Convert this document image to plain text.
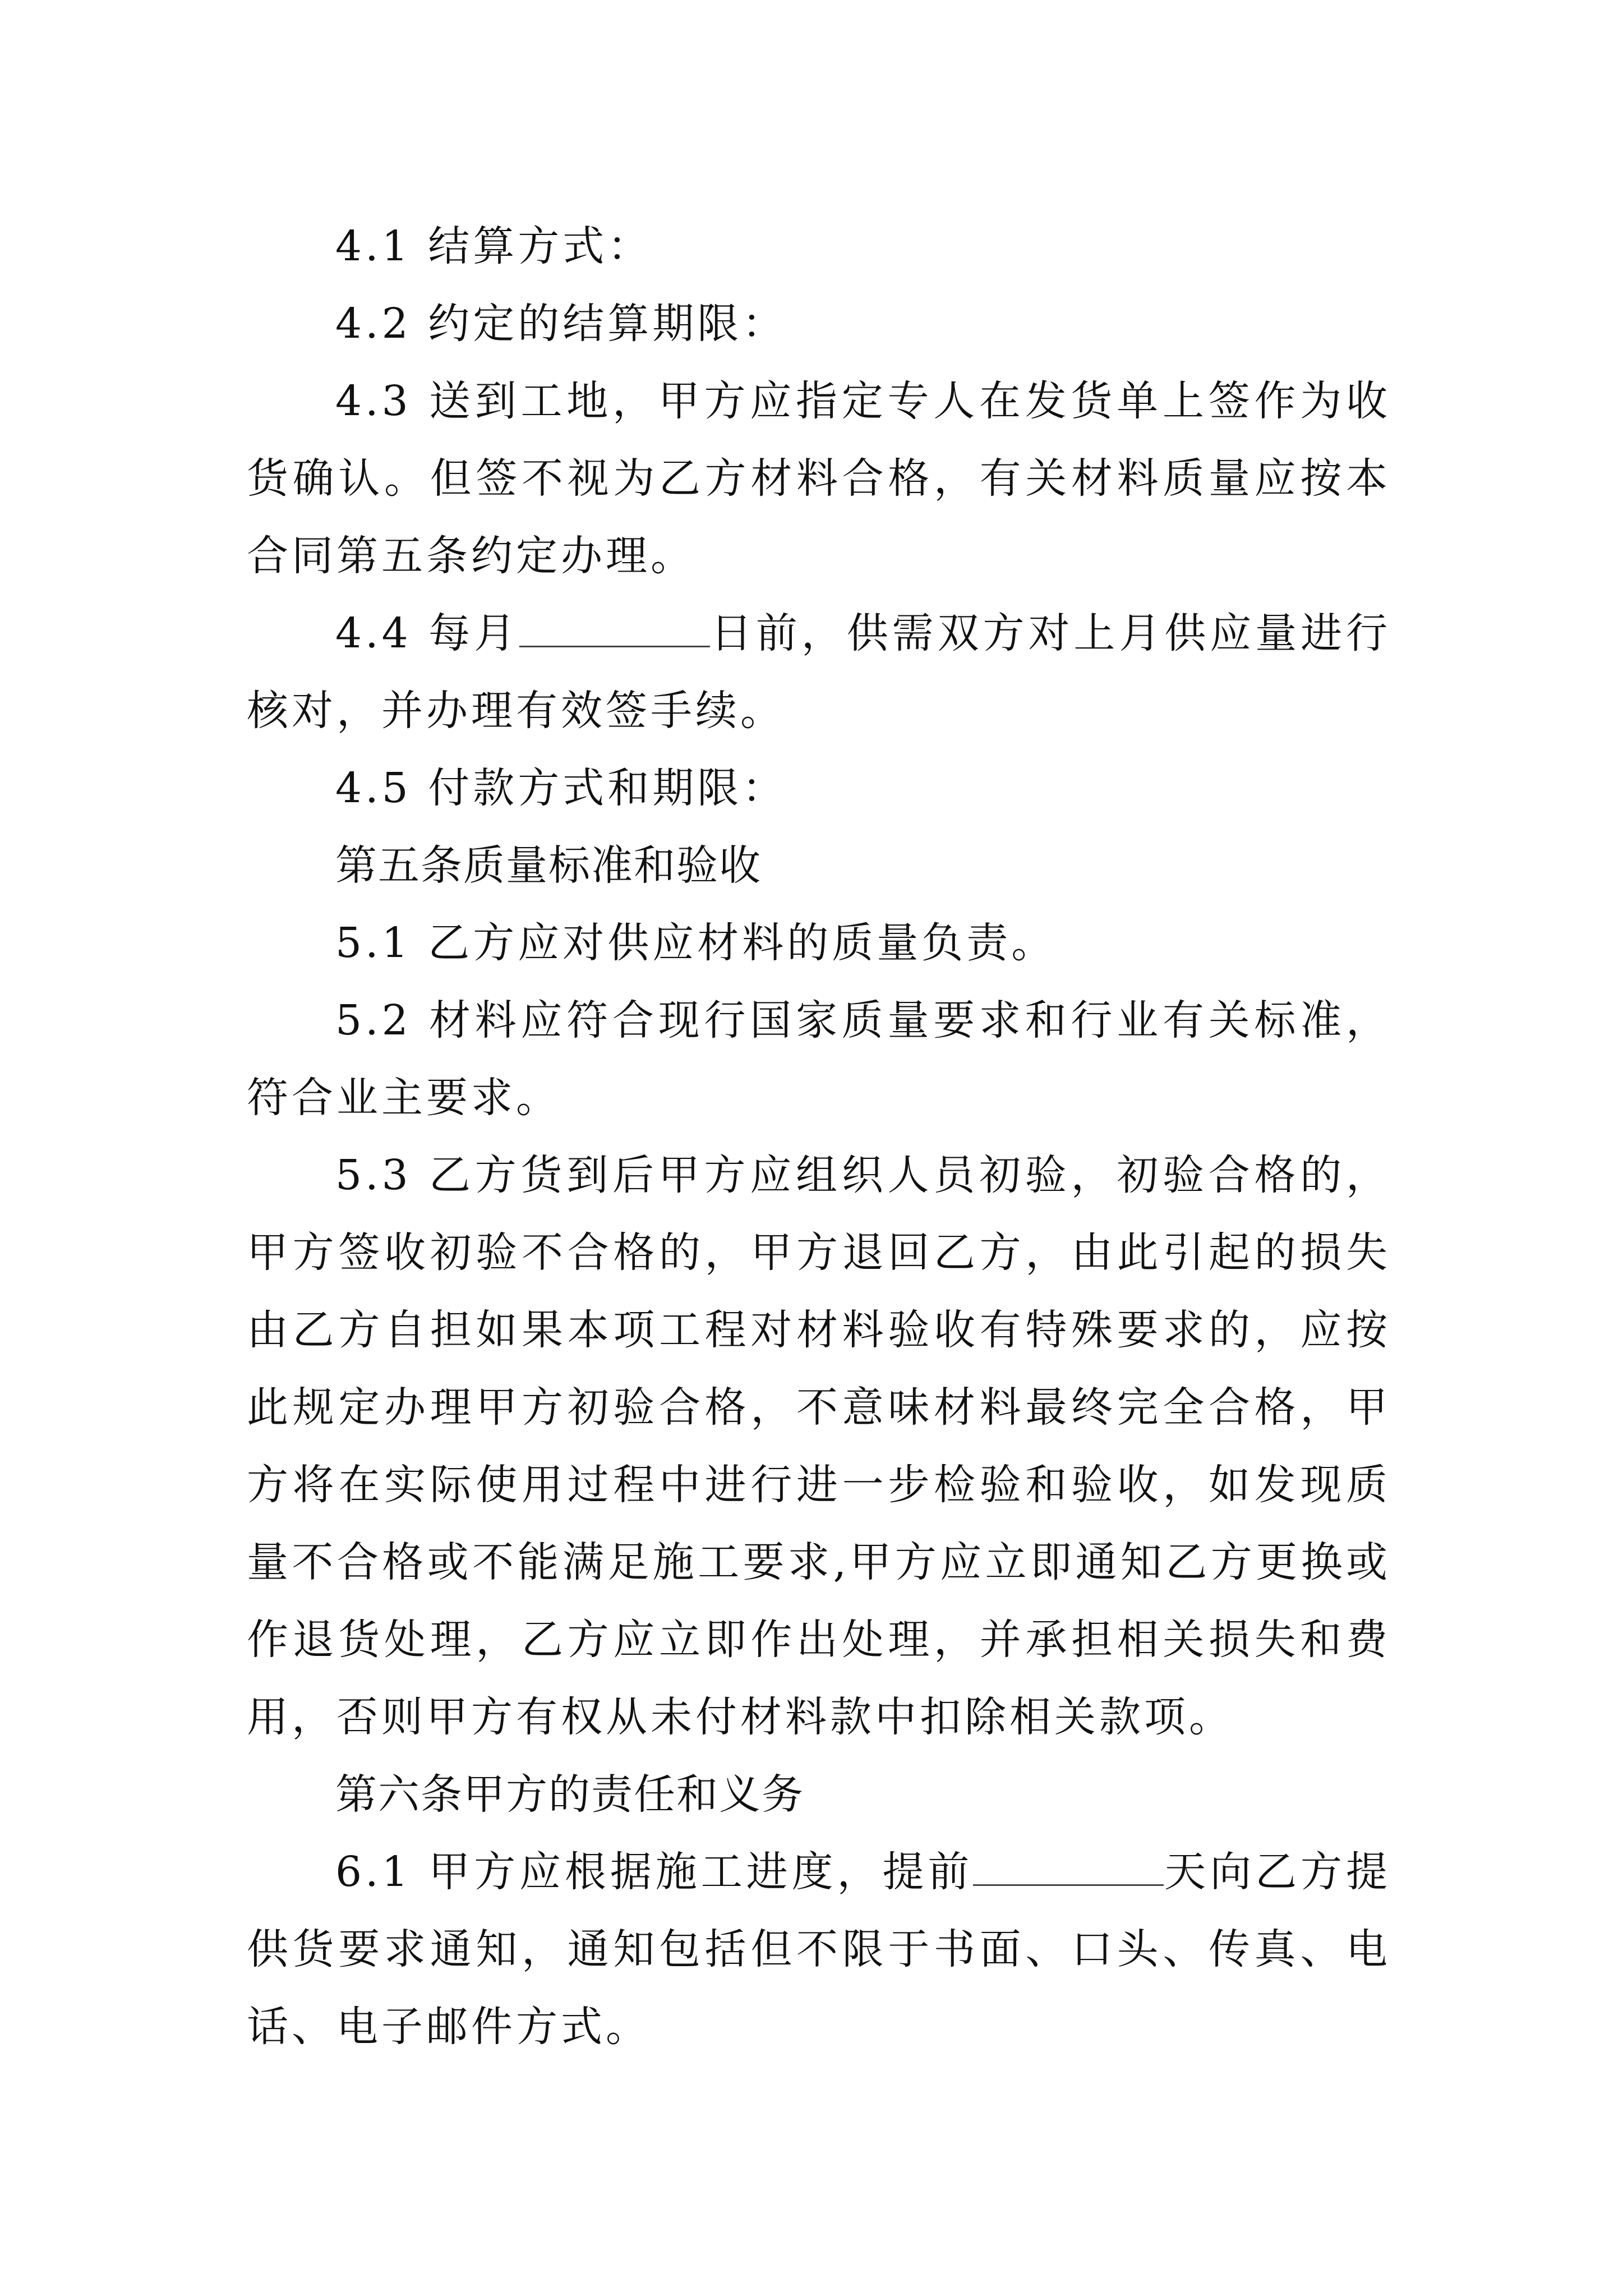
4.1 结算方式：

4.2 约定的结算期限：

4.3 送到工地，甲方应指定专人在发货单上签作为收货确认。但签不视为乙方材料合格，有关材料质量应按本合同第五条约定办理。

4.4 每月	日前，供需双方对上月供应量进行核对，并办理有效签手续。

4.5 付款方式和期限：

第五条质量标准和验收

5.1 乙方应对供应材料的质量负责。

5.2 材料应符合现行国家质量要求和行业有关标准，符合业主要求。

5.3 乙方货到后甲方应组织人员初验，初验合格的，甲方签收初验不合格的，甲方退回乙方，由此引起的损失由乙方自担如果本项工程对材料验收有特殊要求的，应按此规定办理甲方初验合格，不意味材料最终完全合格，甲方将在实际使用过程中进行进一步检验和验收，如发现质量不合格或不能满足施工要求,甲方应立即通知乙方更换或作退货处理，乙方应立即作出处理，并承担相关损失和费用，否则甲方有权从未付材料款中扣除相关款项。

第六条甲方的责任和义务

6.1 甲方应根据施工进度，提前	天向乙方提供货要求通知，通知包括但不限于书面、口头、传真、电话、电子邮件方式。
